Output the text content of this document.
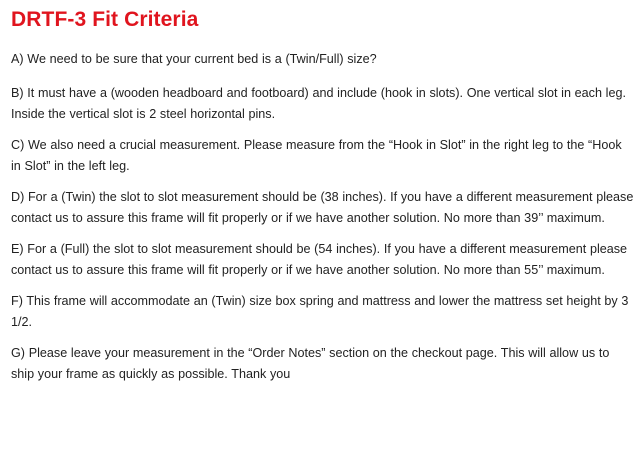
DRTF-3 Fit Criteria

A) We need to be sure that your current bed is a (Twin/Full) size?

B) It must have a (wooden headboard and footboard) and include (hook in slots). One vertical slot in each leg. Inside the vertical slot is 2 steel horizontal pins.

C) We also need a crucial measurement. Please measure from the “Hook in Slot” in the right leg to the “Hook in Slot” in the left leg.

D) For a (Twin) the slot to slot measurement should be (38 inches). If you have a different measurement please contact us to assure this frame will fit properly or if we have another solution. No more than 39’’ maximum.

E) For a (Full) the slot to slot measurement should be (54 inches). If you have a different measurement please contact us to assure this frame will fit properly or if we have another solution. No more than 55’’ maximum.

F) This frame will accommodate an (Twin) size box spring and mattress and lower the mattress set height by 3 1/2.

G) Please leave your measurement in the “Order Notes” section on the checkout page. This will allow us to ship your frame as quickly as possible. Thank you
